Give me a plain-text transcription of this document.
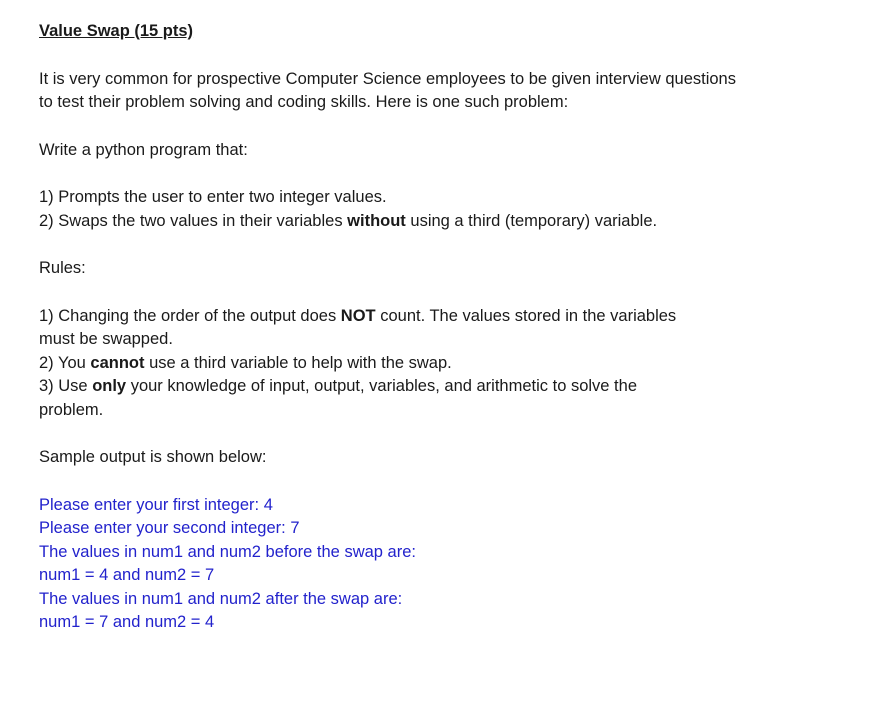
Value Swap (15 pts)

It is very common for prospective Computer Science employees to be given interview questions

to test their problem solving and coding skills. Here is one such problem:

Write a python program that:

1) Prompts the user to enter two integer values.

2) Swaps the two values in their variables without using a third (temporary) variable.

Rules:

1) Changing the order of the output does NOT count. The values stored in the variables

must be swapped.

2) You cannot use a third variable to help with the swap.

3) Use only your knowledge of input, output, variables, and arithmetic to solve the

problem.

Sample output is shown below:

Please enter your first integer: 4

Please enter your second integer: 7

The values in num1 and num2 before the swap are:

num1 = 4 and num2 = 7

The values in num1 and num2 after the swap are:

num1 = 7 and num2 = 4
